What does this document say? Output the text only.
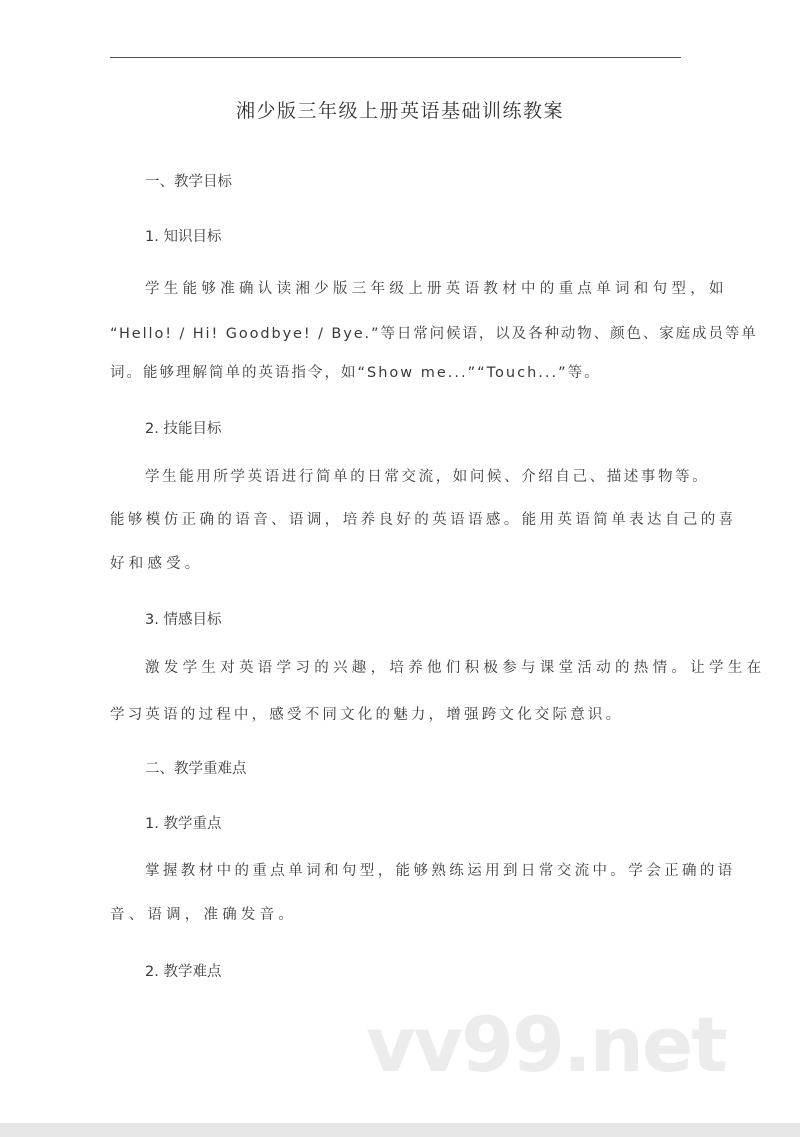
湘少版三年级上册英语基础训练教案
一、教学目标
1. 知识目标
学生能够准确认读湘少版三年级上册英语教材中的重点单词和句型，如
“Hello! / Hi! Goodbye! / Bye.”等日常问候语，以及各种动物、颜色、家庭成员等单
词。能够理解简单的英语指令，如“Show me...”“Touch...”等。
2. 技能目标
学生能用所学英语进行简单的日常交流，如问候、介绍自己、描述事物等。
能够模仿正确的语音、语调，培养良好的英语语感。能用英语简单表达自己的喜
好和感受。
3. 情感目标
激发学生对英语学习的兴趣，培养他们积极参与课堂活动的热情。让学生在
学习英语的过程中，感受不同文化的魅力，增强跨文化交际意识。
二、教学重难点
1. 教学重点
掌握教材中的重点单词和句型，能够熟练运用到日常交流中。学会正确的语
音、语调，准确发音。
2. 教学难点
vv99.net
